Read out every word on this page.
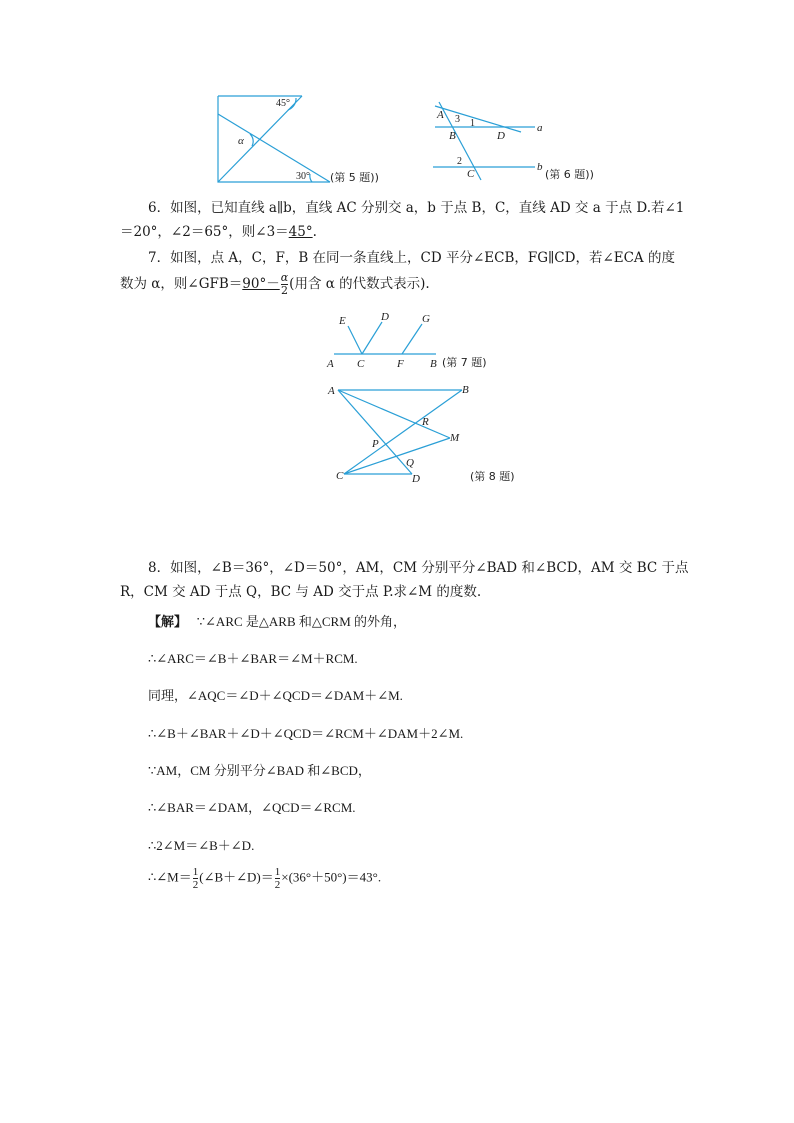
45°
α
30° (第 5 题))
A 3 1	a
B	D
2	b
C	(第 6 题))
6．如图，已知直线 a∥b，直线 AC 分别交 a，b 于点 B，C，直线 AD 交 a 于点 D.若∠1
＝20°，∠2＝65°，则∠3＝45°.
7．如图，点 A，C，F，B 在同一条直线上，CD 平分∠ECB，FG∥CD，若∠ECA 的度
数为 α，则∠GFB＝90°－ $\frac{\alpha}{2}$ (用含 α 的代数式表示).
E	D	G
A C	F B (第 7 题)
A	B
R
M
P
Q
C	D	(第 8 题)
8．如图，∠B＝36°，∠D＝50°，AM，CM 分别平分∠BAD 和∠BCD，AM 交 BC 于点
R，CM 交 AD 于点 Q，BC 与 AD 交于点 P.求∠M 的度数.
【解】 ∵∠ARC 是△ARB 和△CRM 的外角，
∴∠ARC＝∠B＋∠BAR＝∠M＋RCM.
同理，∠AQC＝∠D＋∠QCD＝∠DAM＋∠M.
∴∠B＋∠BAR＋∠D＋∠QCD＝∠RCM＋∠DAM＋2∠M.
∵AM，CM 分别平分∠BAD 和∠BCD，
∴∠BAR＝∠DAM，∠QCD＝∠RCM.
∴2∠M＝∠B＋∠D.
∴∠M＝ $\frac{1}{2}$ (∠B＋∠D)＝ $\frac{1}{2} \times(36^\circ+50^\circ)=43^\circ$.
